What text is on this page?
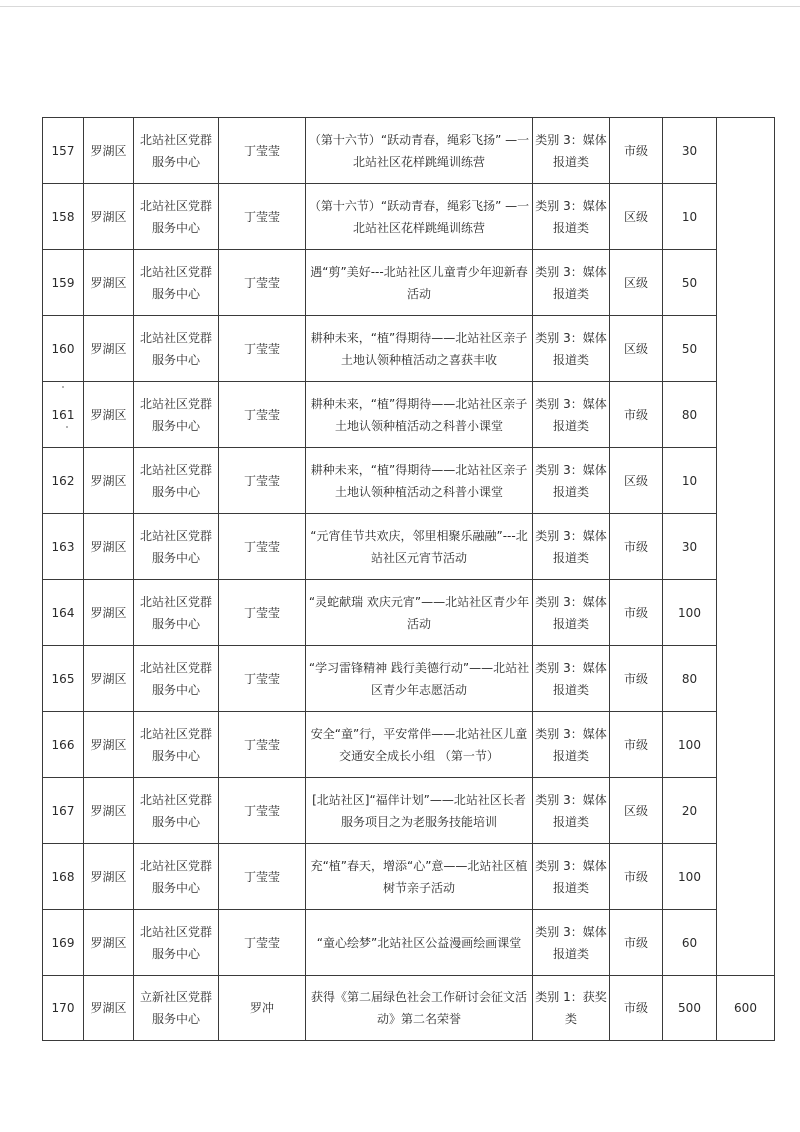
157	罗湖区	北站社区党群服务中心	丁莹莹	（第十六节）“跃动青春，绳彩飞扬” —一北站社区花样跳绳训练营	类别 3：媒体报道类	市级	30	
158	罗湖区	北站社区党群服务中心	丁莹莹	（第十六节）“跃动青春，绳彩飞扬” —一北站社区花样跳绳训练营	类别 3：媒体报道类	区级	10	
159	罗湖区	北站社区党群服务中心	丁莹莹	遇“剪”美好---北站社区儿童青少年迎新春活动	类别 3：媒体报道类	区级	50	
160	罗湖区	北站社区党群服务中心	丁莹莹	耕种未来，“植”得期待——北站社区亲子土地认领种植活动之喜获丰收	类别 3：媒体报道类	区级	50	
161	罗湖区	北站社区党群服务中心	丁莹莹	耕种未来，“植”得期待——北站社区亲子土地认领种植活动之科普小课堂	类别 3：媒体报道类	市级	80	
162	罗湖区	北站社区党群服务中心	丁莹莹	耕种未来，“植”得期待——北站社区亲子土地认领种植活动之科普小课堂	类别 3：媒体报道类	区级	10	
163	罗湖区	北站社区党群服务中心	丁莹莹	“元宵佳节共欢庆，邻里相聚乐融融”---北站社区元宵节活动	类别 3：媒体报道类	市级	30	
164	罗湖区	北站社区党群服务中心	丁莹莹	“灵蛇献瑞 欢庆元宵”——北站社区青少年活动	类别 3：媒体报道类	市级	100	
165	罗湖区	北站社区党群服务中心	丁莹莹	“学习雷锋精神 践行美德行动”——北站社区青少年志愿活动	类别 3：媒体报道类	市级	80	
166	罗湖区	北站社区党群服务中心	丁莹莹	安全“童”行，平安常伴——北站社区儿童交通安全成长小组 （第一节）	类别 3：媒体报道类	市级	100	
167	罗湖区	北站社区党群服务中心	丁莹莹	[北站社区]“福伴计划”——北站社区长者服务项目之为老服务技能培训	类别 3：媒体报道类	区级	20	
168	罗湖区	北站社区党群服务中心	丁莹莹	充“植”春天，增添“心”意——北站社区植树节亲子活动	类别 3：媒体报道类	市级	100	
169	罗湖区	北站社区党群服务中心	丁莹莹	“童心绘梦”北站社区公益漫画绘画课堂	类别 3：媒体报道类	市级	60	
170	罗湖区	立新社区党群服务中心	罗冲	获得《第二届绿色社会工作研讨会征文活动》第二名荣誉	类别 1：获奖类	市级	500	600
